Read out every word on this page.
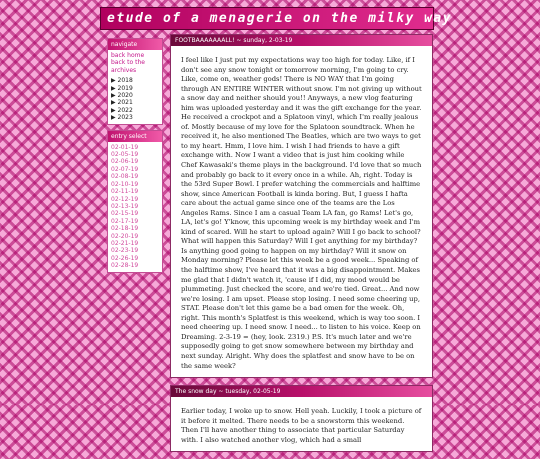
etude of a menagerie on the milky way
navigate
back home
back to the archives
▶ 2018
▶ 2019
▶ 2020
▶ 2021
▶ 2022
▶ 2023
entry select
02-01-19
02-05-19
02-06-19
02-07-19
02-08-19
02-10-19
02-11-19
02-12-19
02-13-19
02-15-19
02-17-19
02-18-19
02-20-19
02-21-19
02-23-19
02-26-19
02-28-19
FOOTBAAAAAAALL! ~ sunday, 2-03-19
I feel like I just put my expectations way too high for today. Like, if I don't see any snow tonight or tomorrow morning, I'm going to cry. Like, come on, weather gods! There is NO WAY that I'm going through AN ENTIRE WINTER without snow. I'm not giving up without a snow day and neither should you!! Anyways, a new vlog featuring him was uploaded yesterday and it was the gift exchange for the year. He received a crockpot and a Splatoon vinyl, which I'm really jealous of. Mostly because of my love for the Splatoon soundtrack. When he received it, he also mentioned The Beatles, which are two ways to get to my heart. Hmm, I love him. I wish I had friends to have a gift exchange with. Now I want a video that is just him cooking while Chef Kawasaki's theme plays in the background. I'd love that so much and probably go back to it every once in a while. Ah, right. Today is the 53rd Super Bowl. I prefer watching the commercials and halftime show, since American Football is kinda boring. But, I guess I hafta care about the actual game since one of the teams are the Los Angeles Rams. Since I am a casual Team LA fan, go Rams! Let's go, LA, let's go! Y'know, this upcoming week is my birthday week and I'm kind of scared. Will he start to upload again? Will I go back to school? What will happen this Saturday? Will I get anything for my birthday? Is anything good going to happen on my birthday? Will it snow on Monday morning? Please let this week be a good week... Speaking of the halftime show, I've heard that it was a big disappointment. Makes me glad that I didn't watch it, 'cause if I did, my mood would be plummeting. Just checked the score, and we're tied. Great... And now we're losing. I am upset. Please stop losing. I need some cheering up, STAT. Please don't let this game be a bad omen for the week. Oh, right. This month's Splatfest is this weekend, which is way too soon. I need cheering up. I need snow. I need... to listen to his voice. Keep on Dreaming. 2-3-19 = (hey, look. 2319.) P.S. It's much later and we're supposedly going to get snow somewhere between my birthday and next sunday. Alright. Why does the splatfest and snow have to be on the same week?
The snow day ~ tuesday, 02-05-19
Earlier today, I woke up to snow. Hell yeah. Luckily, I took a picture of it before it melted. There needs to be a snowstorm this weekend. Then I'll have another thing to associate that particular Saturday with. I also watched another vlog, which had a small
